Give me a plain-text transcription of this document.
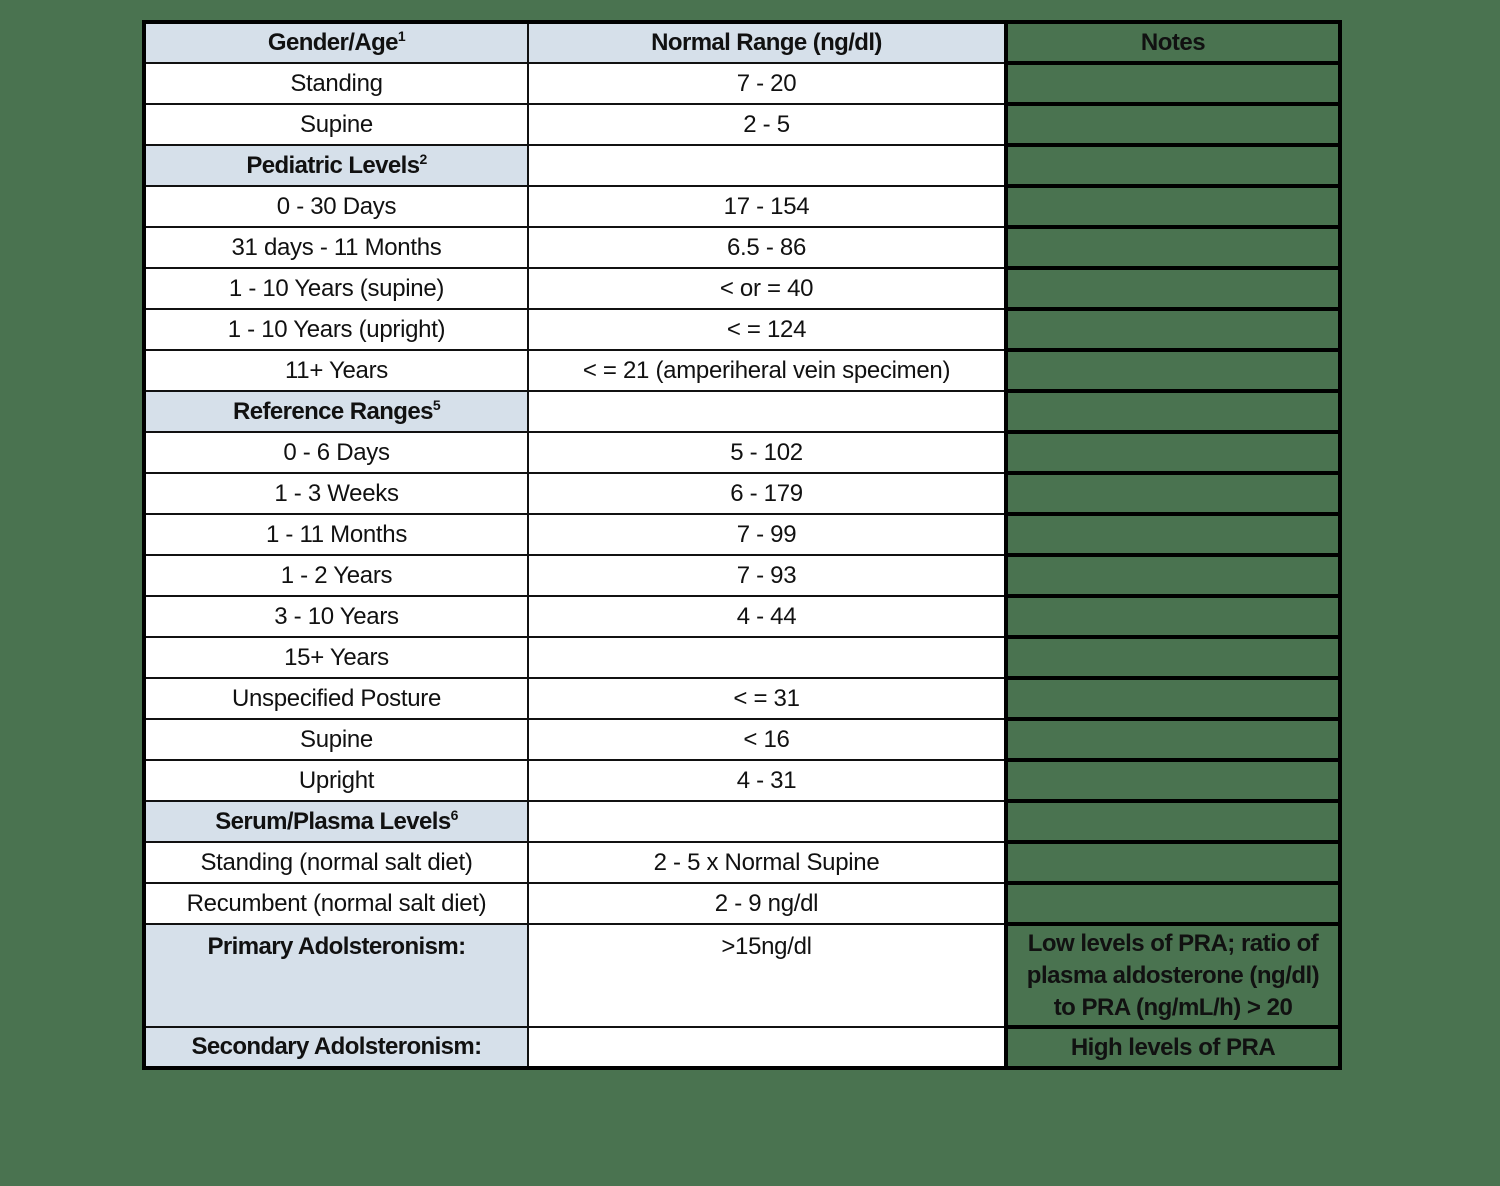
Gender/Age$^1$	Normal Range (ng/dl)	Notes
Standing	7 - 20	
Supine	2 - 5	
Pediatric Levels$^2$		
0 - 30 Days	17 - 154	
31 days - 11 Months	6.5 - 86	
1 - 10 Years (supine)	< or = 40	
1 - 10 Years (upright)	< = 124	
11+ Years	< = 21 (amperiheral vein specimen)	
Reference Ranges$^5$		
0 - 6 Days	5 - 102	
1 - 3 Weeks	6 - 179	
1 - 11 Months	7 - 99	
1 - 2 Years	7 - 93	
3 - 10 Years	4 - 44	
15+ Years		
Unspecified Posture	< = 31	
Supine	< 16	
Upright	4 - 31	
Serum/Plasma Levels$^6$		
Standing (normal salt diet)	2 - 5 x Normal Supine	
Recumbent (normal salt diet)	2 - 9 ng/dl	
Primary Adolsteronism:	>15ng/dl	Low levels of PRA; ratio of plasma aldosterone (ng/dl) to PRA (ng/mL/h) > 20
Secondary Adolsteronism:		High levels of PRA
